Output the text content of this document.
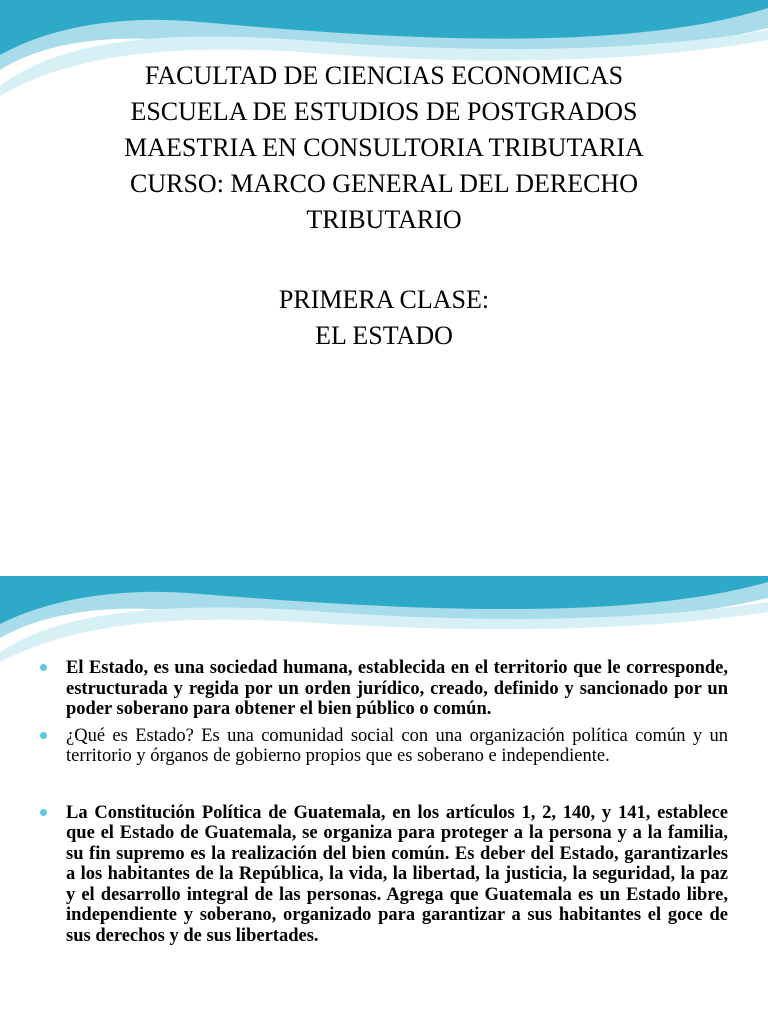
FACULTAD DE CIENCIAS ECONOMICAS
ESCUELA DE ESTUDIOS DE POSTGRADOS
MAESTRIA EN CONSULTORIA TRIBUTARIA
CURSO: MARCO GENERAL DEL DERECHO
TRIBUTARIO
PRIMERA CLASE:
EL ESTADO
El Estado, es una sociedad humana, establecida en el territorio que le corresponde, estructurada y regida por un orden jurídico, creado, definido y sancionado por un poder soberano para obtener el bien público o común.
¿Qué es Estado? Es una comunidad social con una organización política común y un territorio y órganos de gobierno propios que es soberano e independiente.
La Constitución Política de Guatemala, en los artículos 1, 2, 140, y 141, establece que el Estado de Guatemala, se organiza para proteger a la persona y a la familia, su fin supremo es la realización del bien común. Es deber del Estado, garantizarles a los habitantes de la República, la vida, la libertad, la justicia, la seguridad, la paz y el desarrollo integral de las personas. Agrega que Guatemala es un Estado libre, independiente y soberano, organizado para garantizar a sus habitantes el goce de sus derechos y de sus libertades.
